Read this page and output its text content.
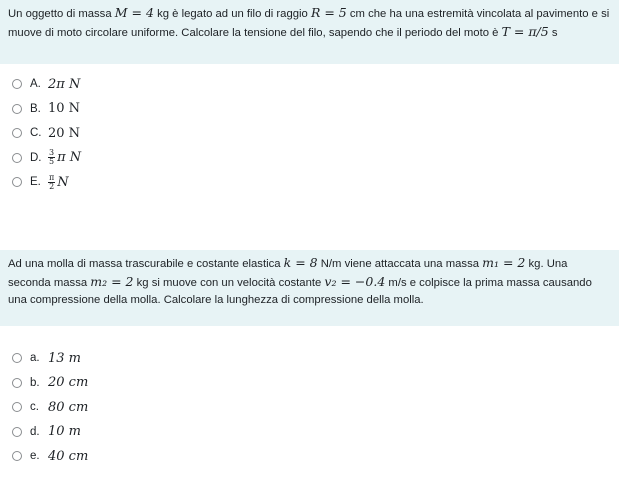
Un oggetto di massa M = 4 kg è legato ad un filo di raggio R = 5 cm che ha una estremità vincolata al pavimento e si muove di moto circolare uniforme. Calcolare la tensione del filo, sapendo che il periodo del moto è T = π/5 s
A. 2π N
B. 10 N
C. 20 N
D. $\frac{3}{5}$ π N
E. $\frac{\pi}{2}$ N
Ad una molla di massa trascurabile e costante elastica k = 8 N/m viene attaccata una massa m₁ = 2 kg. Una seconda massa m₂ = 2 kg si muove con un velocità costante v₂ = −0.4 m/s e colpisce la prima massa causando una compressione della molla. Calcolare la lunghezza di compressione della molla.
a. 13 m
b. 20 cm
c. 80 cm
d. 10 m
e. 40 cm
